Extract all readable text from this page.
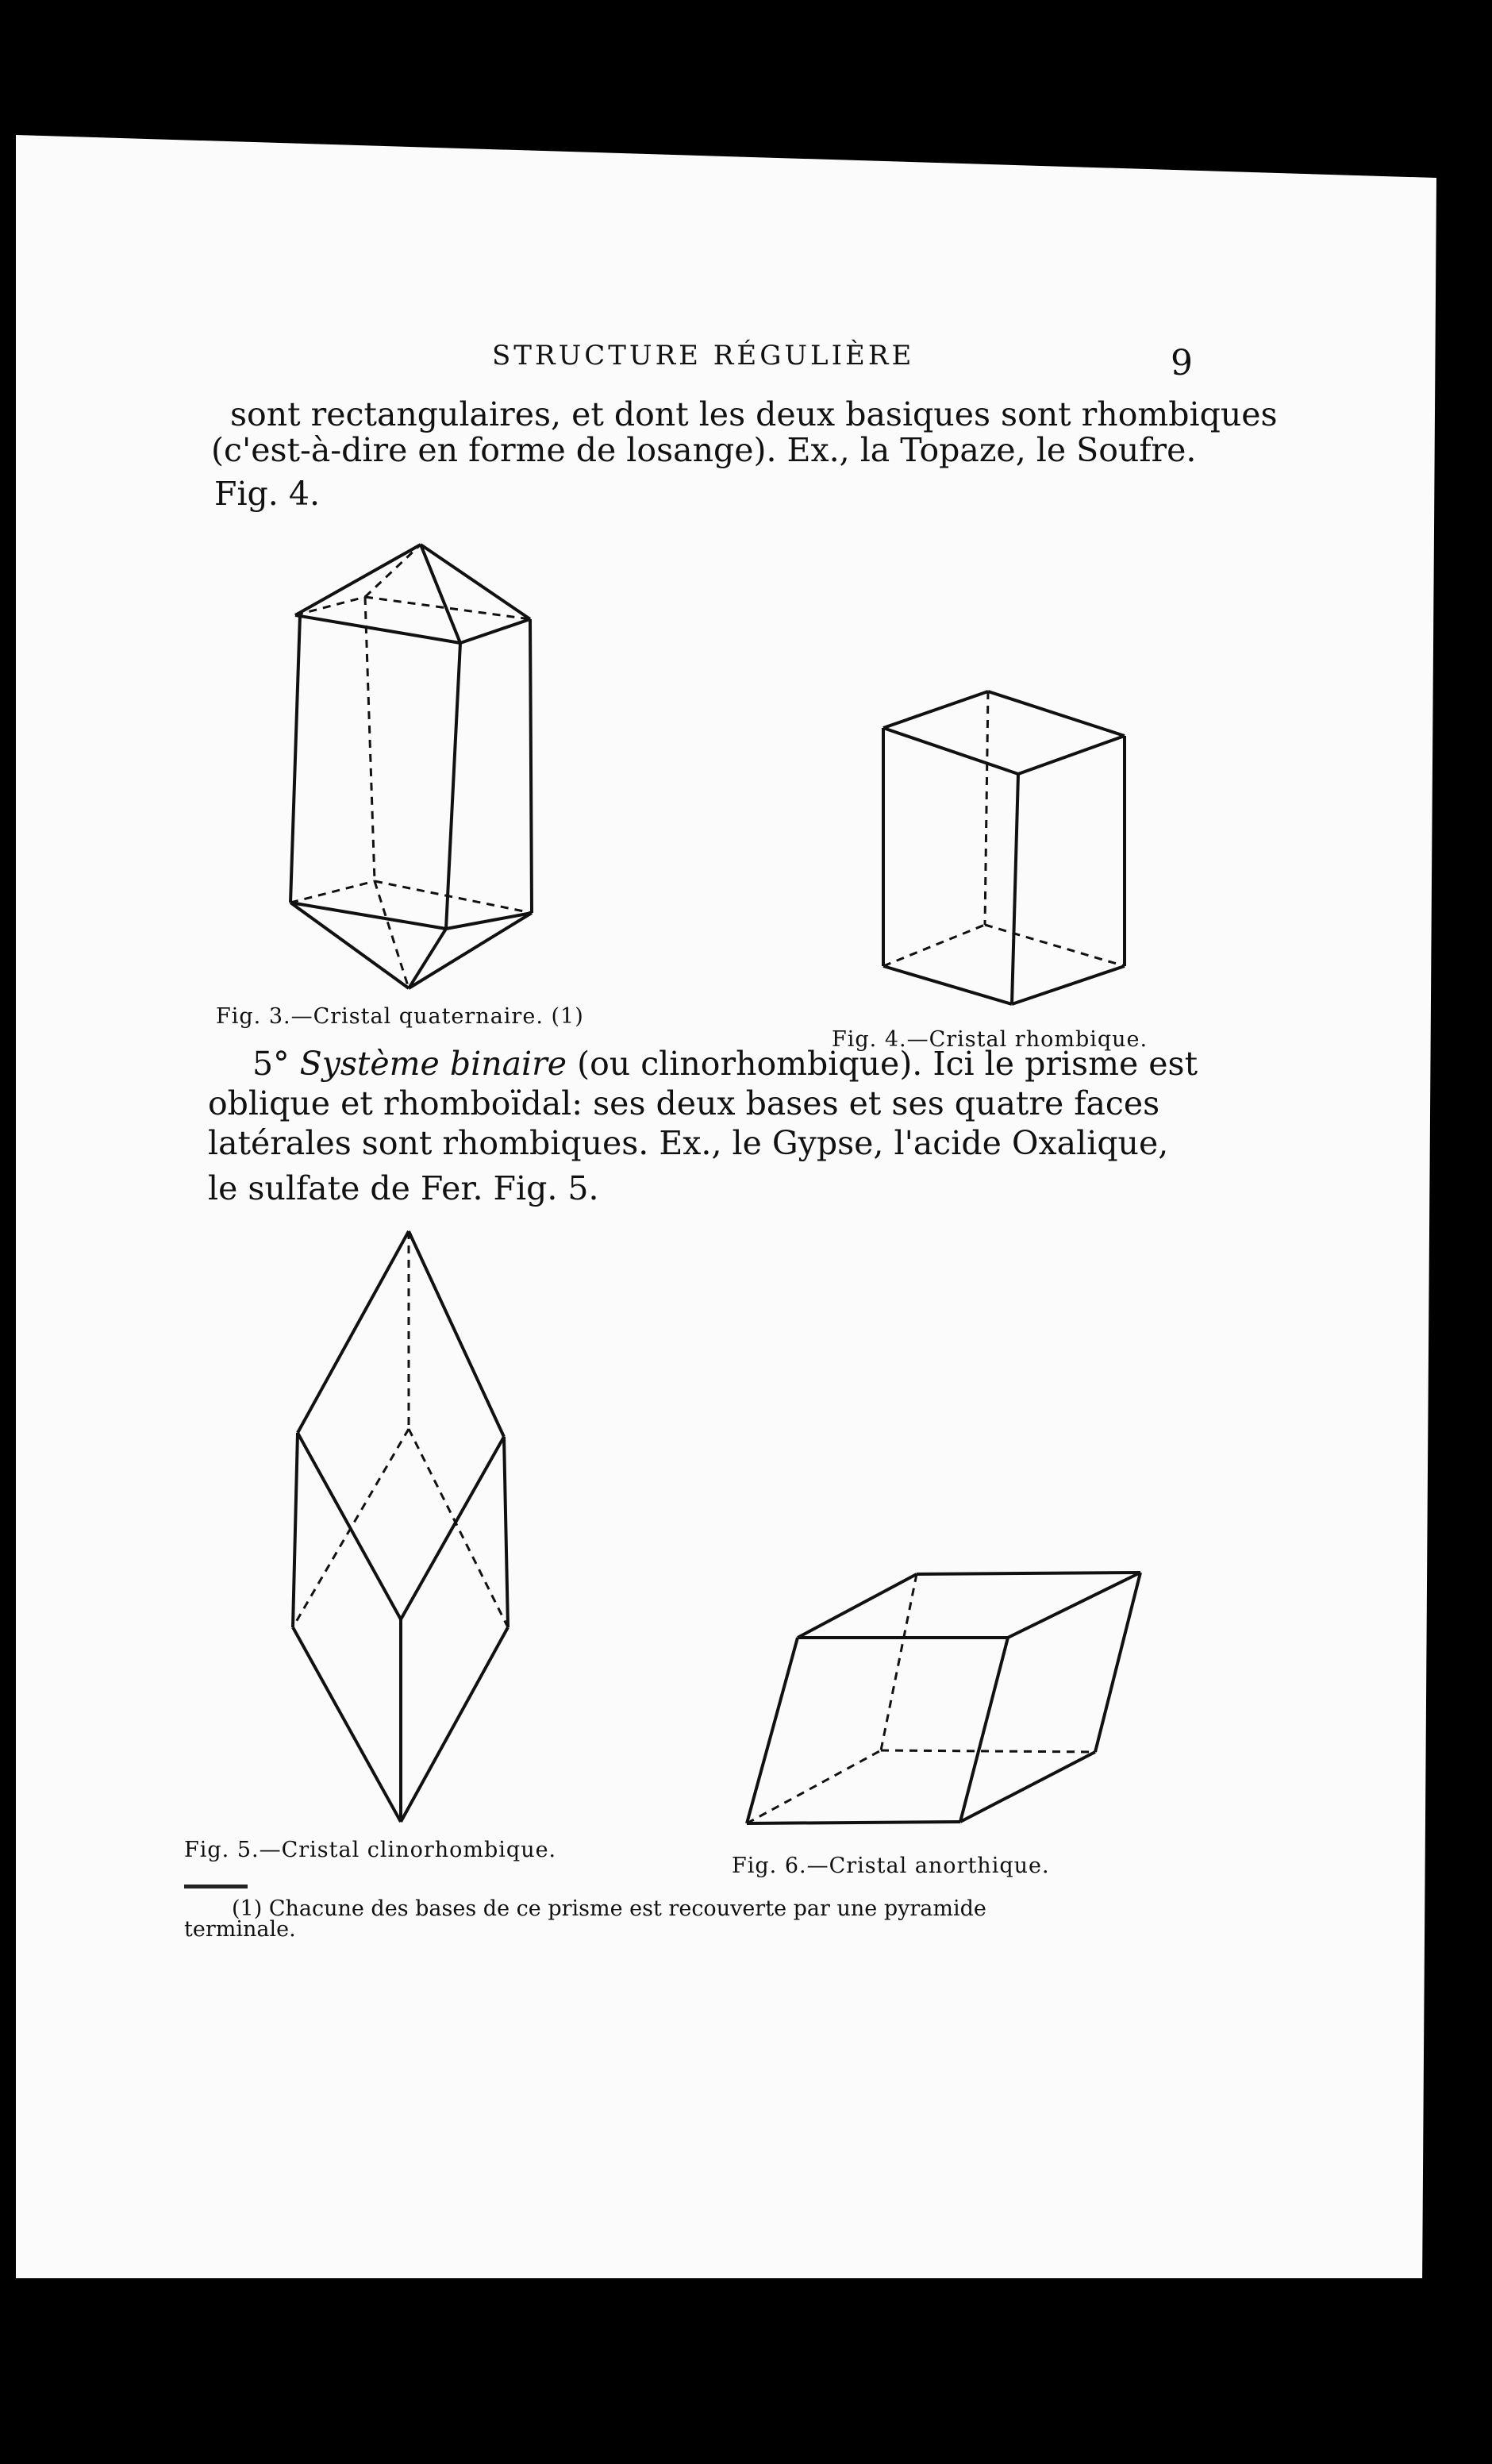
STRUCTURE RÉGULIÈRE	9
sont rectangulaires, et dont les deux basiques sont rhombiques
(c'est-à-dire en forme de losange). Ex., la Topaze, le Soufre.
Fig. 4.
Fig. 3.—Cristal quaternaire. (1)
Fig. 4.—Cristal rhombique.
5° Système binaire (ou clinorhombique). Ici le prisme est
oblique et rhomboïdal: ses deux bases et ses quatre faces
latérales sont rhombiques. Ex., le Gypse, l'acide Oxalique,
le sulfate de Fer. Fig. 5.
Fig. 5.—Cristal clinorhombique.
Fig. 6.—Cristal anorthique.
(1) Chacune des bases de ce prisme est recouverte par une pyramide
terminale.
